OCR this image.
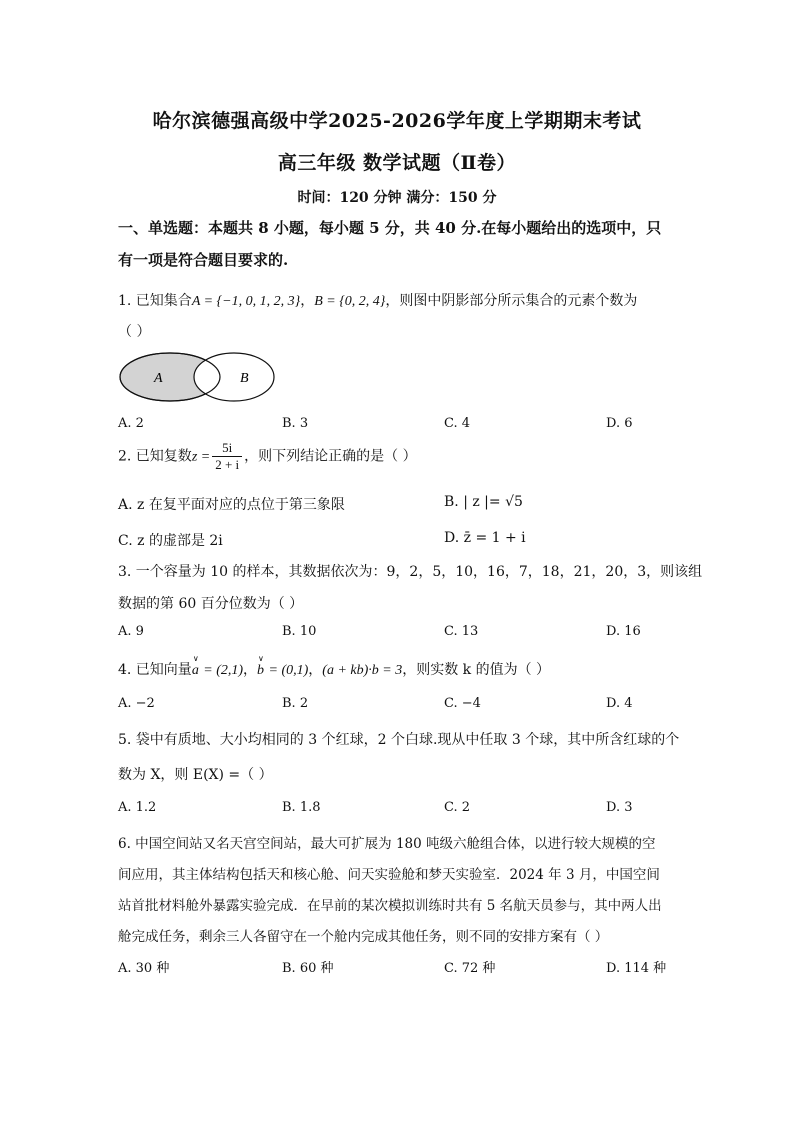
哈尔滨德强高级中学2025-2026学年度上学期期末考试
高三年级 数学试题（Ⅱ卷）
时间：120 分钟 满分：150 分
一、单选题：本题共 8 小题，每小题 5 分，共 40 分.在每小题给出的选项中，只
有一项是符合题目要求的.
1. 已知集合A = {−1, 0, 1, 2, 3}，B = {0, 2, 4}，则图中阴影部分所示集合的元素个数为
（ ）
A	B
A. 2	B. 3	C. 4	D. 6
2. 已知复数$z = \frac{5i}{2 + i}$ ，则下列结论正确的是（ ）
A. z 在复平面对应的点位于第三象限	B. | z |= √5
C. z 的虚部是 2i	D. z̄ = 1 + i
3. 一个容量为 10 的样本，其数据依次为：9，2，5，10，16，7，18，21，20，3，则该组
数据的第 60 百分位数为（ ）
A. 9	B. 10	C. 13	D. 16
4. 已知向量
∨
a = (2,1)，
∨
b = (0,1)，(a + kb)·b = 3，则实数 k 的值为（ ）
A. −2	B. 2	C. −4	D. 4
5. 袋中有质地、大小均相同的 3 个红球，2 个白球.现从中任取 3 个球，其中所含红球的个
数为 X，则 E(X) =（ ）
A. 1.2	B. 1.8	C. 2	D. 3
6. 中国空间站又名天宫空间站，最大可扩展为 180 吨级六舱组合体，以进行较大规模的空
间应用，其主体结构包括天和核心舱、问天实验舱和梦天实验室．2024 年 3 月，中国空间
站首批材料舱外暴露实验完成．在早前的某次模拟训练时共有 5 名航天员参与，其中两人出
舱完成任务，剩余三人各留守在一个舱内完成其他任务，则不同的安排方案有（ ）
A. 30 种	B. 60 种	C. 72 种	D. 114 种
